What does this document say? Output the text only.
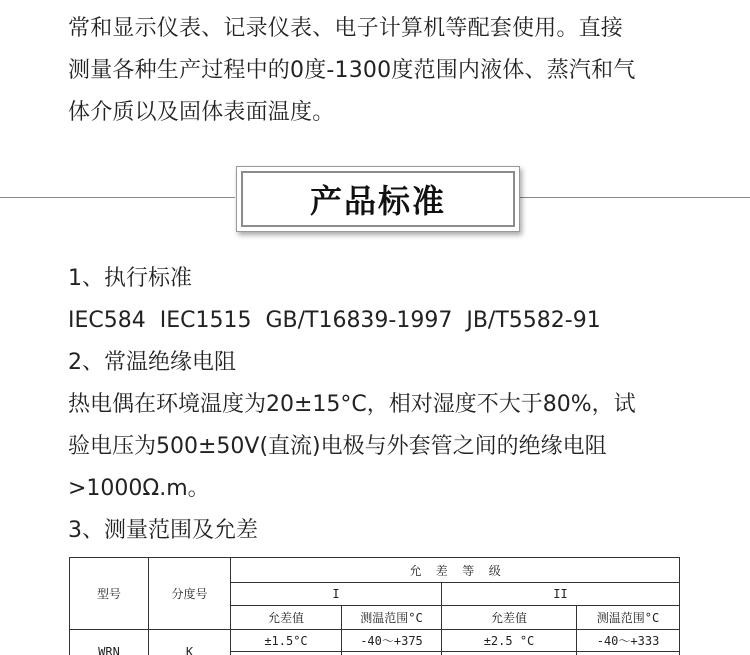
常和显示仪表、记录仪表、电子计算机等配套使用。直接
测量各种生产过程中的0度-1300度范围内液体、蒸汽和气
体介质以及固体表面温度。
产品标准
1、执行标准
IEC584  IEC1515  GB/T16839-1997  JB/T5582-91
2、常温绝缘电阻
热电偶在环境温度为20±15°C，相对湿度不大于80%，试
验电压为500±50V(直流)电极与外套管之间的绝缘电阻
>1000Ω.m。
3、测量范围及允差
型号	分度号	允  差  等  级			
		I		II	
		允差值	测温范围°C	允差值	测温范围°C
WRN	K	±1.5°C	-40～+375	±2.5 °C	-40～+333
